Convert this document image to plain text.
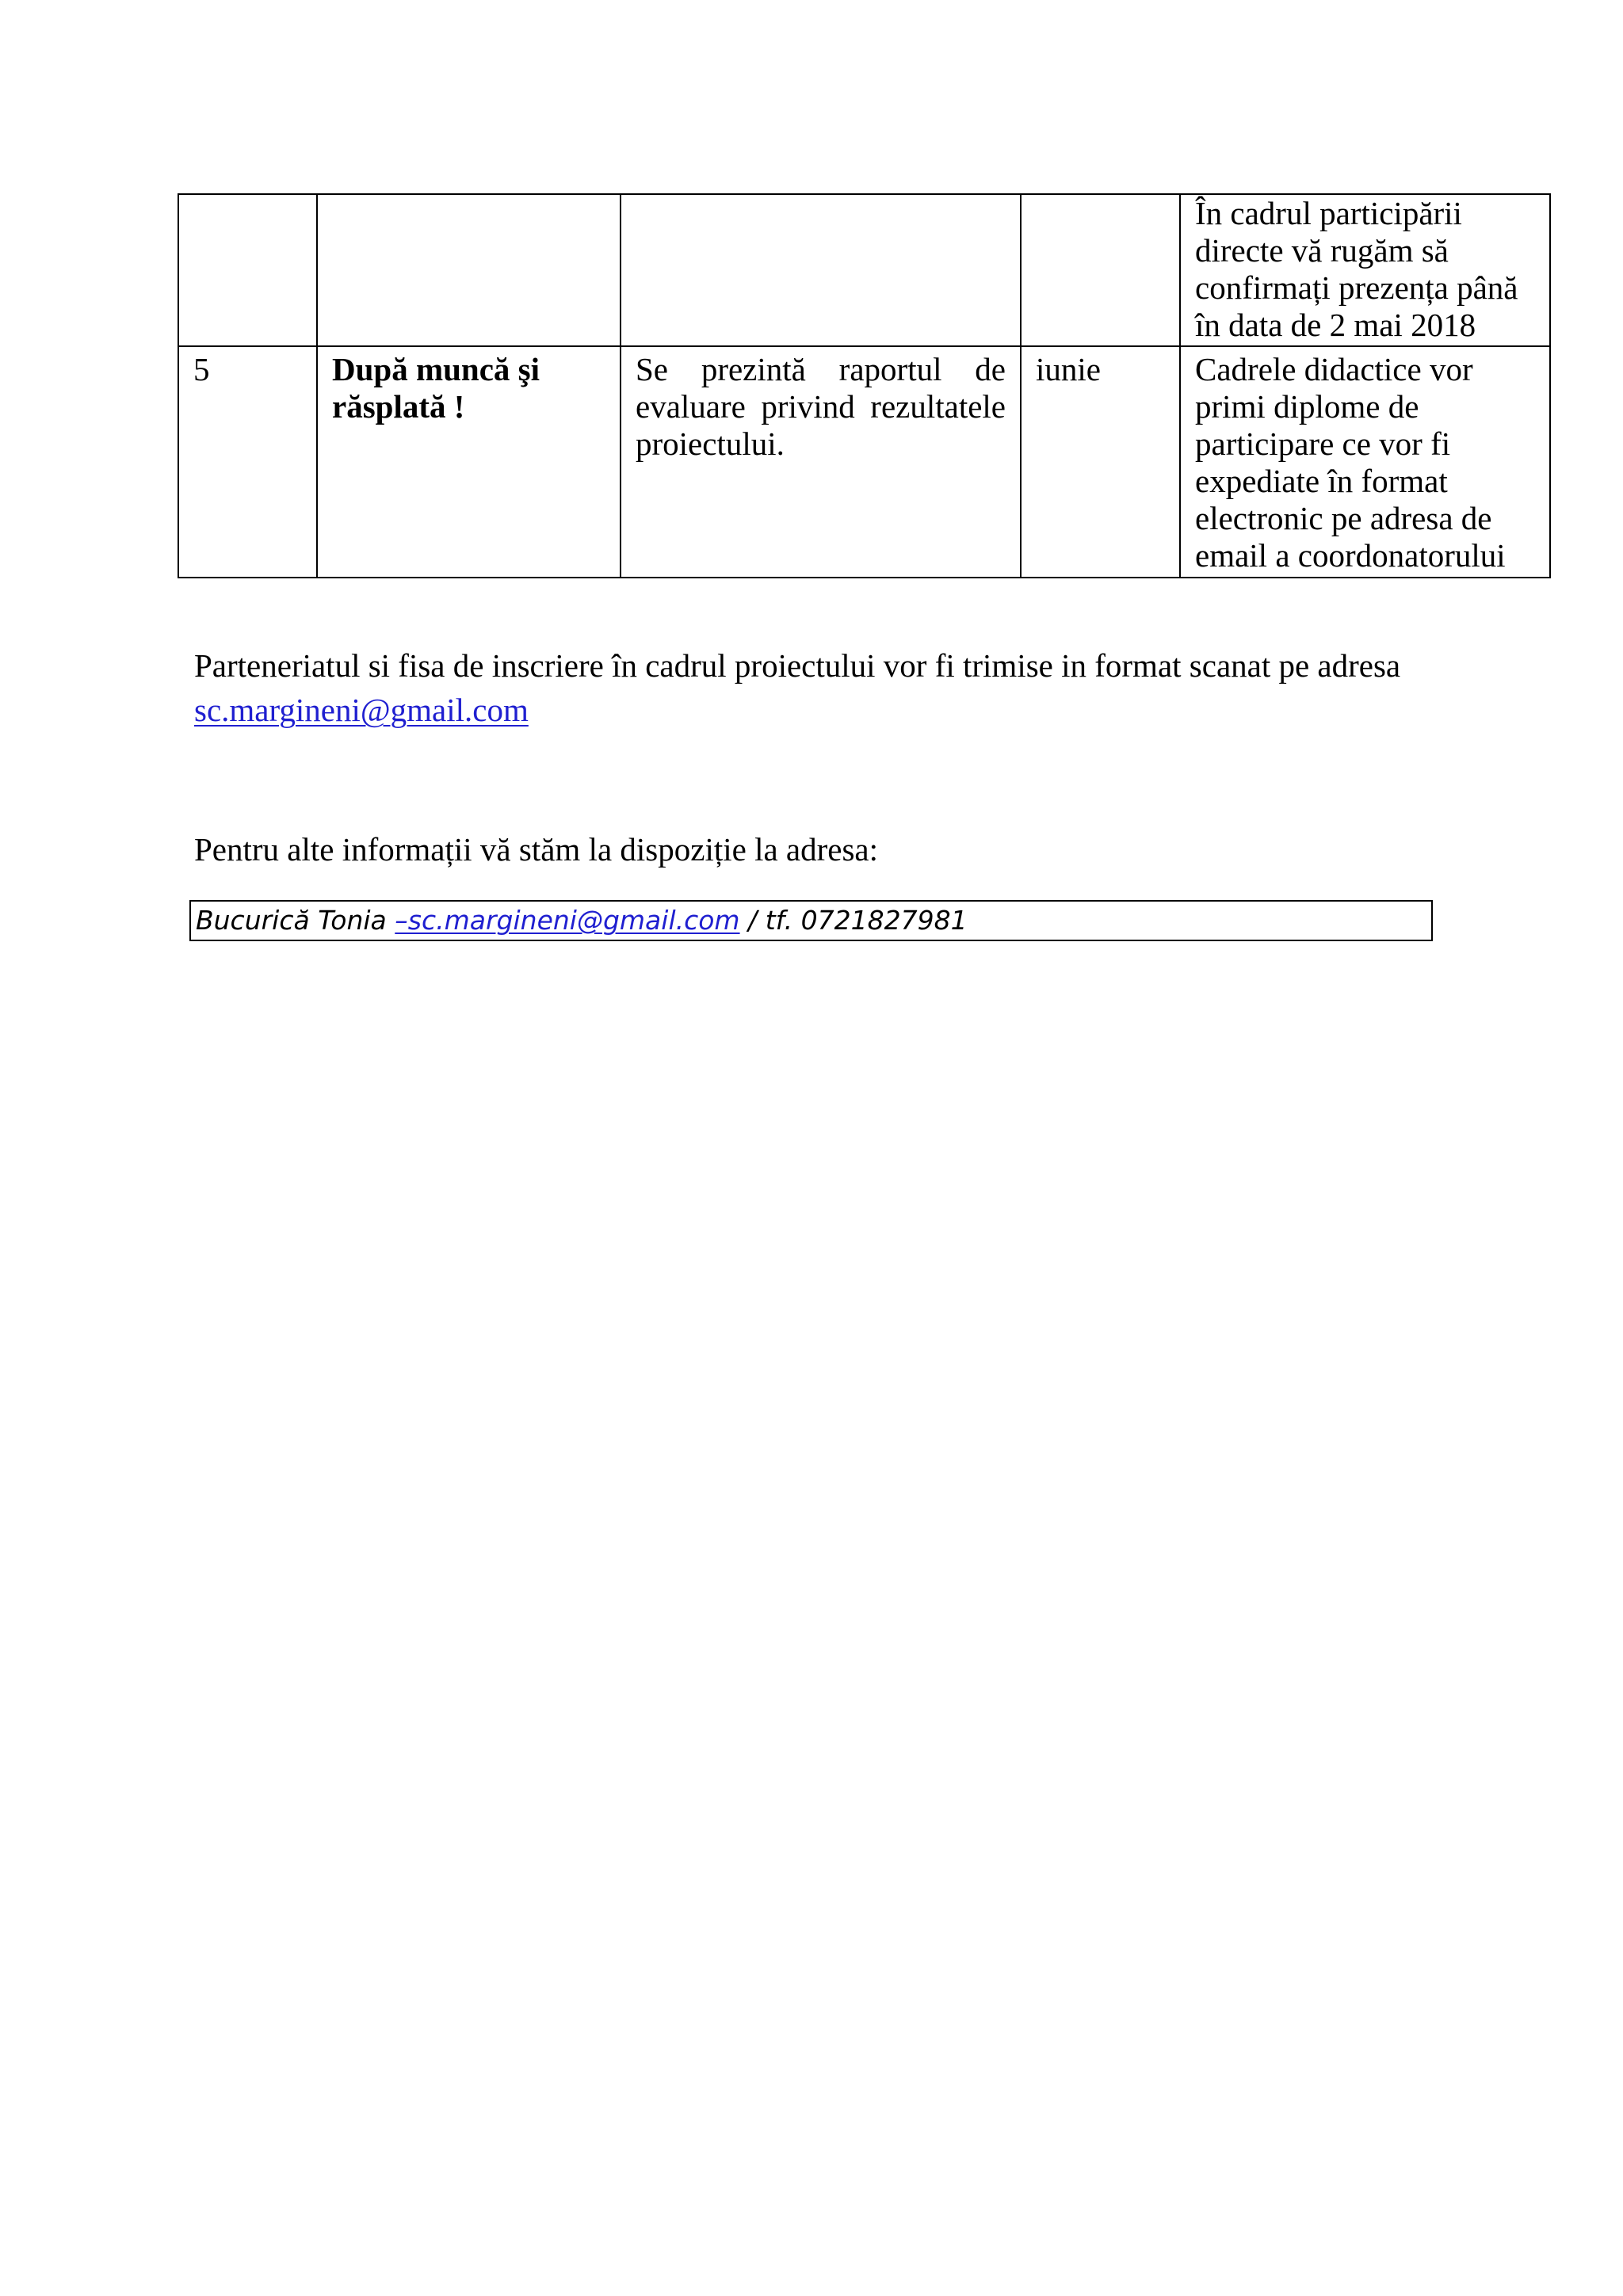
				În cadrul participării directe vă rugăm să confirmați prezența până în data de 2 mai 2018
5	După muncă şi răsplată !	Se prezintă raportul de evaluare privind rezultatele proiectului.	iunie	Cadrele didactice vor primi diplome de participare ce vor fi expediate în format electronic pe adresa de email a coordonatorului

Parteneriatul si fisa de inscriere în cadrul proiectului vor fi trimise in format scanat pe adresa
sc.margineni@gmail.com

Pentru alte informații vă stăm la dispoziție la adresa:

Bucurică Tonia –sc.margineni@gmail.com / tf. 0721827981
